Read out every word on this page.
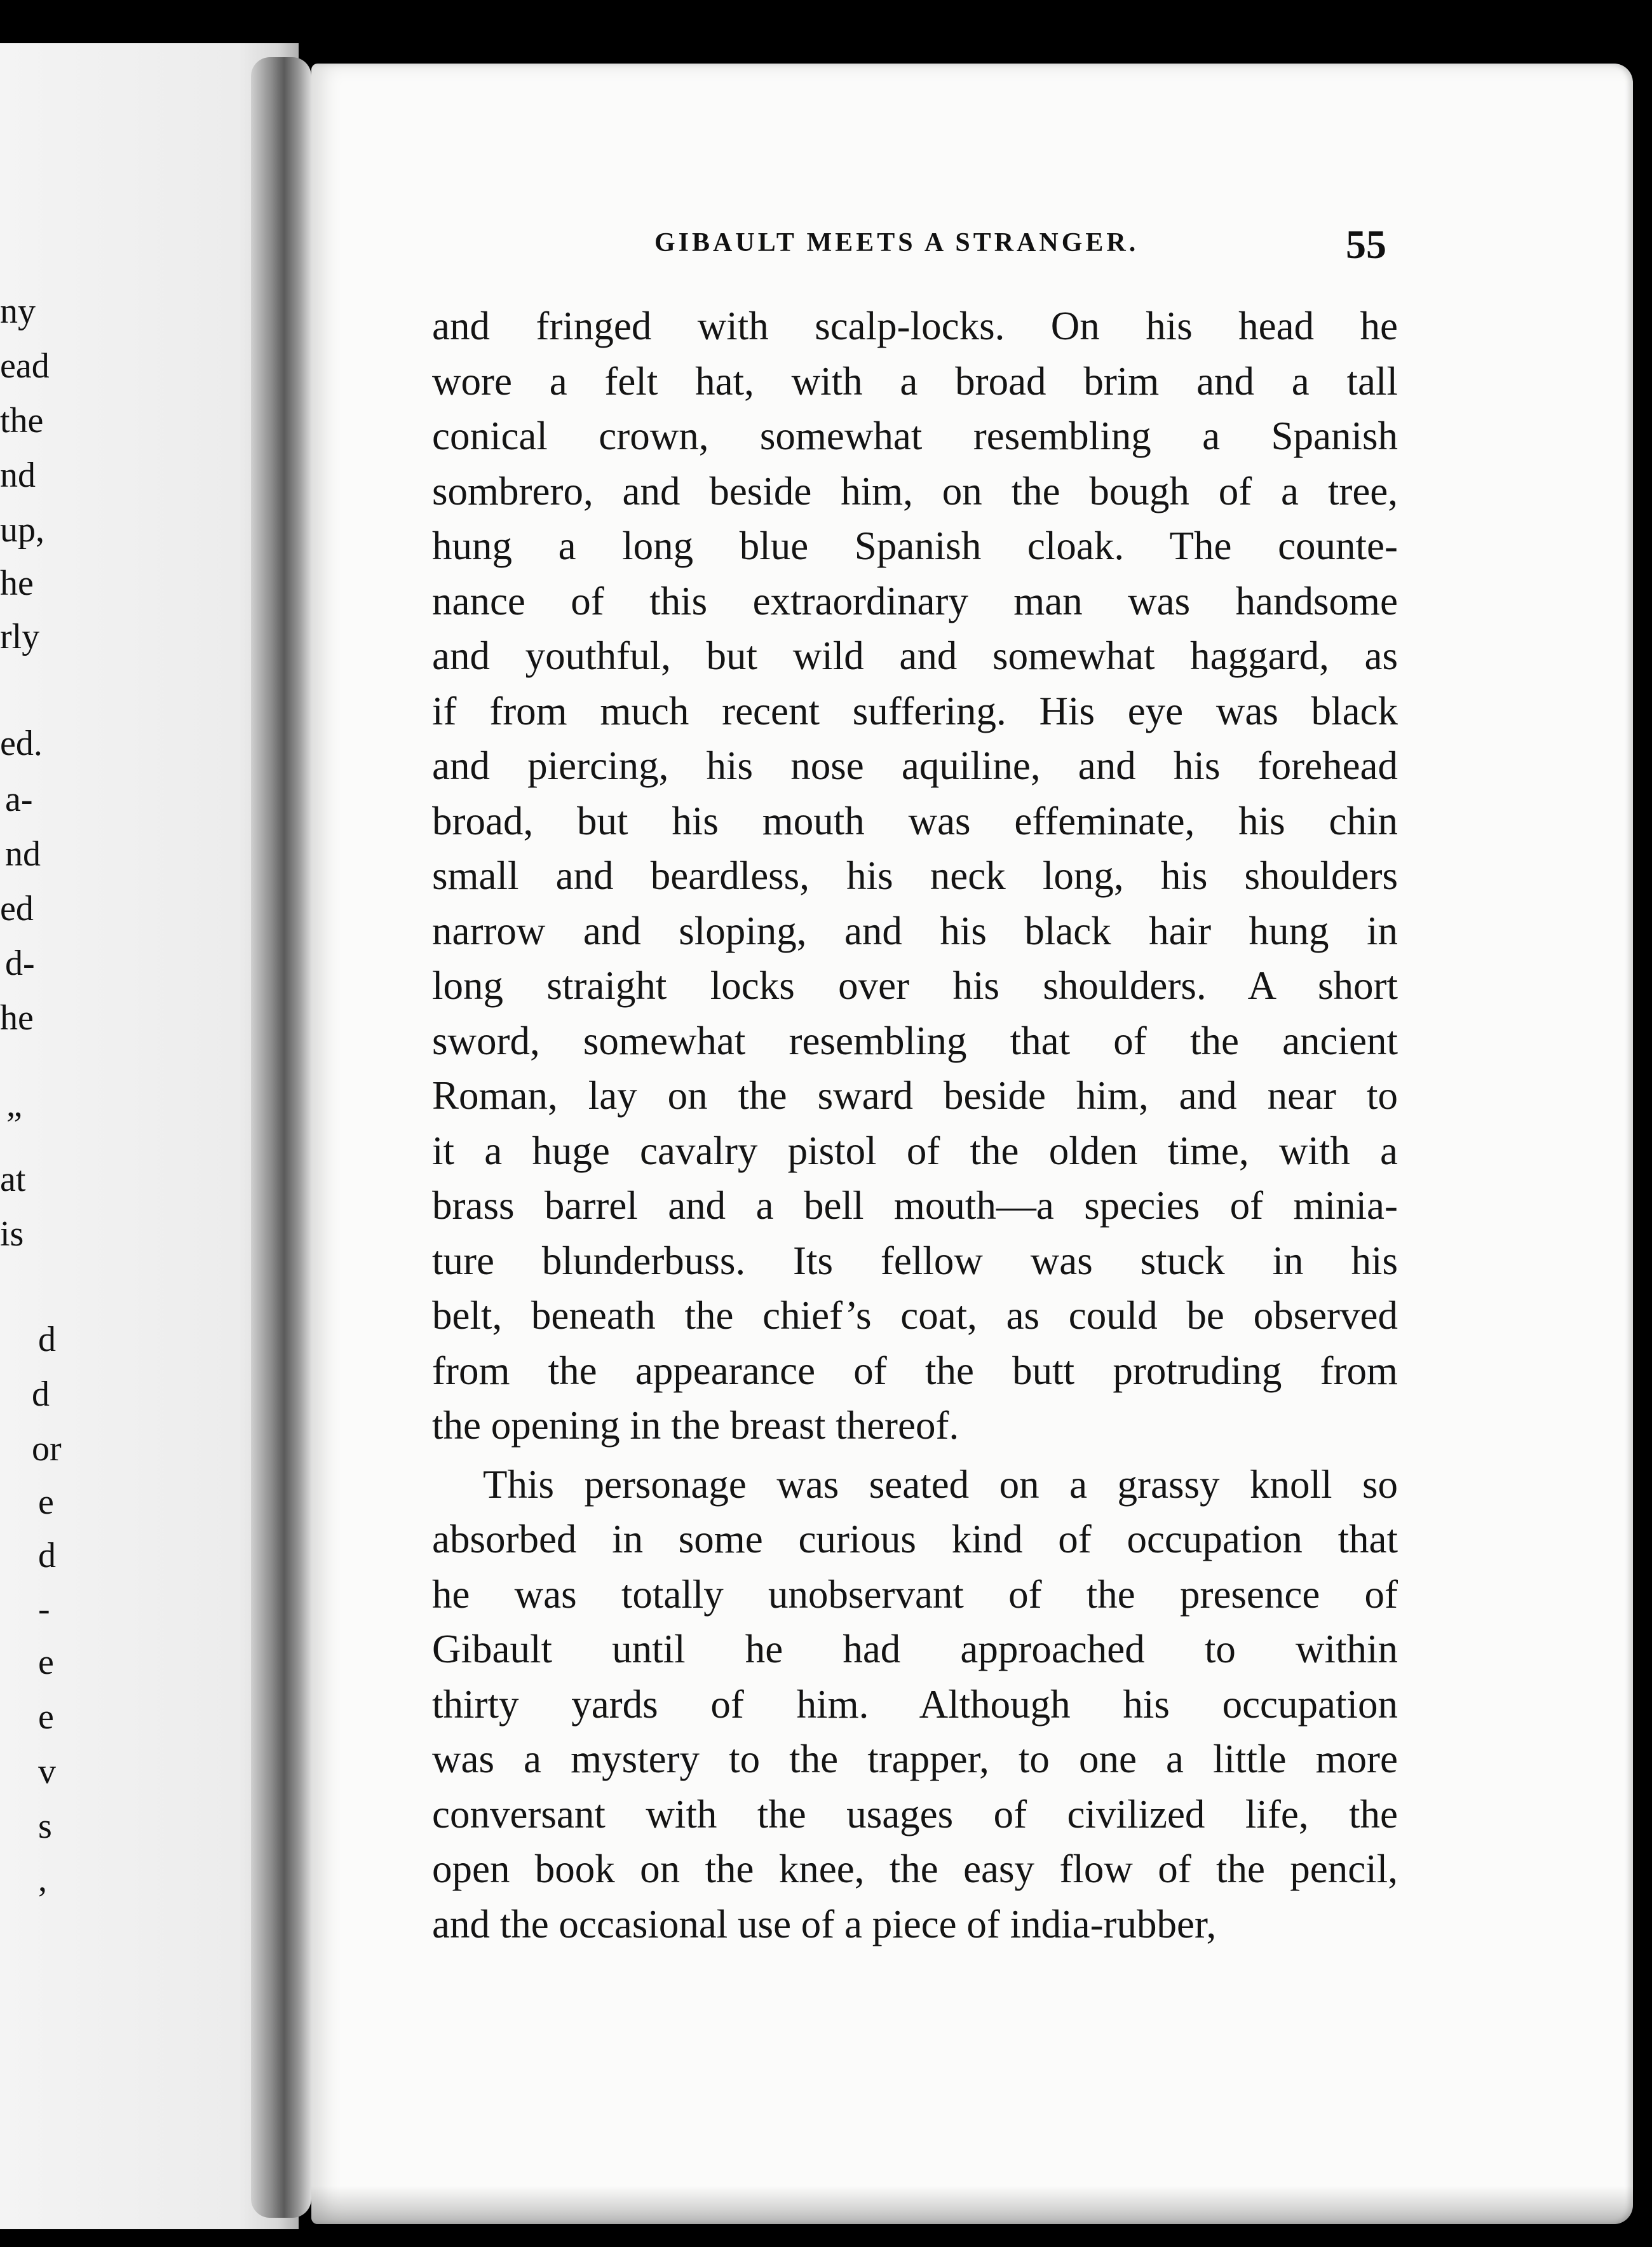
ny
ead
the
nd
up,
he
rly
ed.
a-
nd
ed
d-
he
”
at
is
d
d
or
e
d
-
e
e
v
s
,
GIBAULT MEETS A STRANGER.	55
and fringed with scalp-locks. On his head he
wore a felt hat, with a broad brim and a tall
conical crown, somewhat resembling a Spanish
sombrero, and beside him, on the bough of a tree,
hung a long blue Spanish cloak. The counte-
nance of this extraordinary man was handsome
and youthful, but wild and somewhat haggard, as
if from much recent suffering. His eye was black
and piercing, his nose aquiline, and his forehead
broad, but his mouth was effeminate, his chin
small and beardless, his neck long, his shoulders
narrow and sloping, and his black hair hung in
long straight locks over his shoulders. A short
sword, somewhat resembling that of the ancient
Roman, lay on the sward beside him, and near to
it a huge cavalry pistol of the olden time, with a
brass barrel and a bell mouth—a species of minia-
ture blunderbuss. Its fellow was stuck in his
belt, beneath the chief’s coat, as could be observed
from the appearance of the butt protruding from
the opening in the breast thereof.
This personage was seated on a grassy knoll so
absorbed in some curious kind of occupation that
he was totally unobservant of the presence of
Gibault until he had approached to within
thirty yards of him. Although his occupation
was a mystery to the trapper, to one a little more
conversant with the usages of civilized life, the
open book on the knee, the easy flow of the pencil,
and the occasional use of a piece of india-rubber,
